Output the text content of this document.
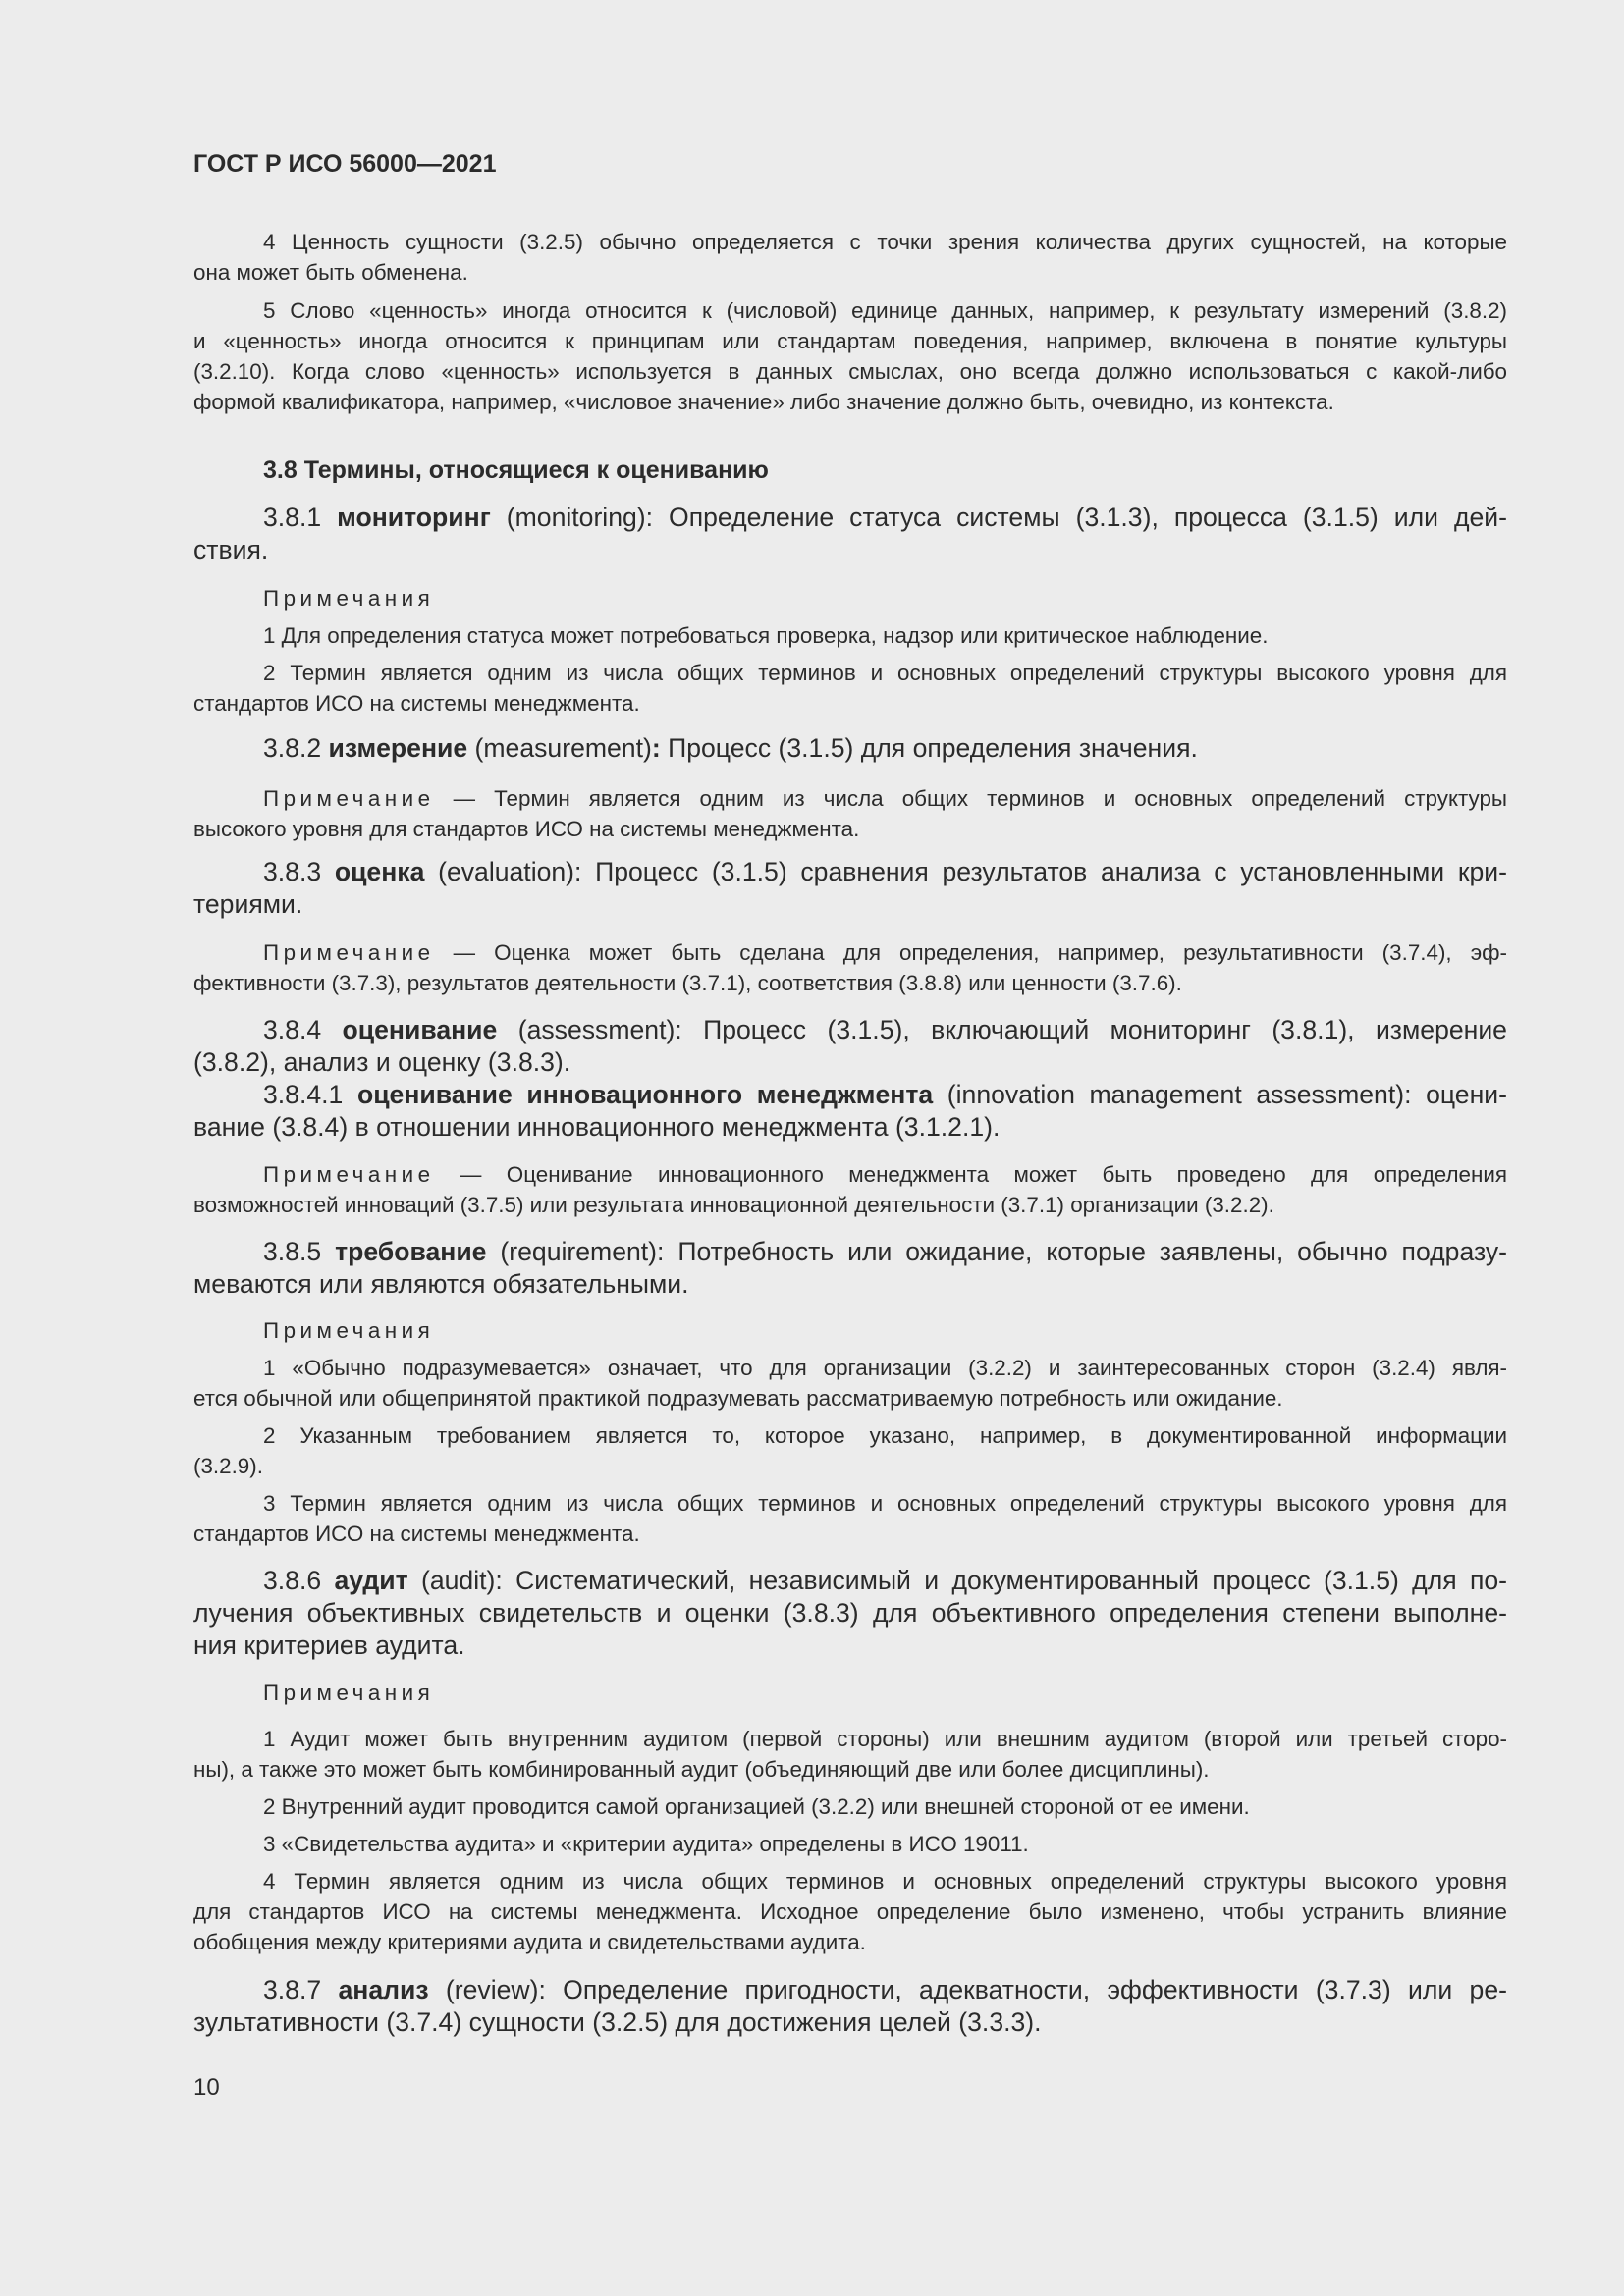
ГОСТ Р ИСО 56000—2021
4 Ценность сущности (3.2.5) обычно определяется с точки зрения количества других сущностей, на которые
она может быть обменена.
5 Слово «ценность» иногда относится к (числовой) единице данных, например, к результату измерений (3.8.2)
и «ценность» иногда относится к принципам или стандартам поведения, например, включена в понятие культуры
(3.2.10). Когда слово «ценность» используется в данных смыслах, оно всегда должно использоваться с какой-либо
формой квалификатора, например, «числовое значение» либо значение должно быть, очевидно, из контекста.
3.8 Термины, относящиеся к оцениванию
3.8.1 мониторинг (monitoring): Определение статуса системы (3.1.3), процесса (3.1.5) или дей-
ствия.
Примечания
1 Для определения статуса может потребоваться проверка, надзор или критическое наблюдение.
2 Термин является одним из числа общих терминов и основных определений структуры высокого уровня для
стандартов ИСО на системы менеджмента.
3.8.2 измерение (measurement): Процесс (3.1.5) для определения значения.
Примечание — Термин является одним из числа общих терминов и основных определений структуры
высокого уровня для стандартов ИСО на системы менеджмента.
3.8.3 оценка (evaluation): Процесс (3.1.5) сравнения результатов анализа с установленными кри-
териями.
Примечание — Оценка может быть сделана для определения, например, результативности (3.7.4), эф-
фективности (3.7.3), результатов деятельности (3.7.1), соответствия (3.8.8) или ценности (3.7.6).
3.8.4 оценивание (assessment): Процесс (3.1.5), включающий мониторинг (3.8.1), измерение
(3.8.2), анализ и оценку (3.8.3).
3.8.4.1 оценивание инновационного менеджмента (innovation management assessment): оцени-
вание (3.8.4) в отношении инновационного менеджмента (3.1.2.1).
Примечание — Оценивание инновационного менеджмента может быть проведено для определения
возможностей инноваций (3.7.5) или результата инновационной деятельности (3.7.1) организации (3.2.2).
3.8.5 требование (requirement): Потребность или ожидание, которые заявлены, обычно подразу-
меваются или являются обязательными.
Примечания
1 «Обычно подразумевается» означает, что для организации (3.2.2) и заинтересованных сторон (3.2.4) явля-
ется обычной или общепринятой практикой подразумевать рассматриваемую потребность или ожидание.
2 Указанным требованием является то, которое указано, например, в документированной информации
(3.2.9).
3 Термин является одним из числа общих терминов и основных определений структуры высокого уровня для
стандартов ИСО на системы менеджмента.
3.8.6 аудит (audit): Систематический, независимый и документированный процесс (3.1.5) для по-
лучения объективных свидетельств и оценки (3.8.3) для объективного определения степени выполне-
ния критериев аудита.
Примечания
1 Аудит может быть внутренним аудитом (первой стороны) или внешним аудитом (второй или третьей сторо-
ны), а также это может быть комбинированный аудит (объединяющий две или более дисциплины).
2 Внутренний аудит проводится самой организацией (3.2.2) или внешней стороной от ее имени.
3 «Свидетельства аудита» и «критерии аудита» определены в ИСО 19011.
4 Термин является одним из числа общих терминов и основных определений структуры высокого уровня
для стандартов ИСО на системы менеджмента. Исходное определение было изменено, чтобы устранить влияние
обобщения между критериями аудита и свидетельствами аудита.
3.8.7 анализ (review): Определение пригодности, адекватности, эффективности (3.7.3) или ре-
зультативности (3.7.4) сущности (3.2.5) для достижения целей (3.3.3).
10
